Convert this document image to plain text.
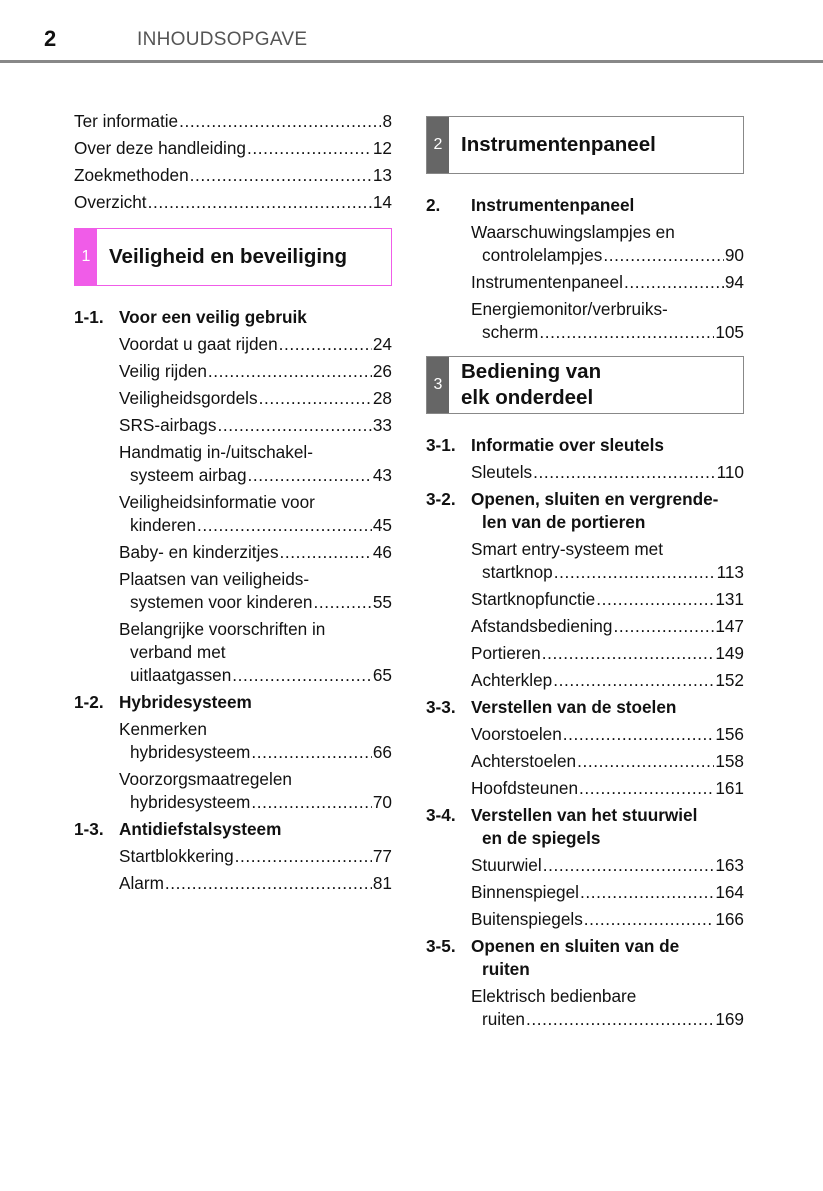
2	INHOUDSOPGAVE
Ter informatie .....	8
Over deze handleiding .....	12
Zoekmethoden .....	13
Overzicht .....	14
1 Veiligheid en beveiliging
1-1. Voor een veilig gebruik
Voordat u gaat rijden .....	24
Veilig rijden .....	26
Veiligheidsgordels .....	28
SRS-airbags .....	33
Handmatig in-/uitschakel-
systeem airbag .....	43
Veiligheidsinformatie voor
kinderen .....	45
Baby- en kinderzitjes .....	46
Plaatsen van veiligheids-
systemen voor kinderen .....	55
Belangrijke voorschriften in
verband met
uitlaatgassen .....	65
1-2. Hybridesysteem
Kenmerken
hybridesysteem .....	66
Voorzorgsmaatregelen
hybridesysteem .....	70
1-3. Antidiefstalsysteem
Startblokkering .....	77
Alarm .....	81
2 Instrumentenpaneel
2.	Instrumentenpaneel
Waarschuwingslampjes en
controlelampjes .....	90
Instrumentenpaneel .....	94
Energiemonitor/verbruiks-
scherm .....	105
3
Bediening van
elk onderdeel
3-1. Informatie over sleutels
Sleutels .....	110
3-2. Openen, sluiten en vergrende-
len van de portieren
Smart entry-systeem met
startknop .....	113
Startknopfunctie .....	131
Afstandsbediening .....	147
Portieren .....	149
Achterklep .....	152
3-3. Verstellen van de stoelen
Voorstoelen .....	156
Achterstoelen .....	158
Hoofdsteunen .....	161
3-4. Verstellen van het stuurwiel
en de spiegels
Stuurwiel .....	163
Binnenspiegel .....	164
Buitenspiegels .....	166
3-5. Openen en sluiten van de
ruiten
Elektrisch bedienbare
ruiten .....	169
